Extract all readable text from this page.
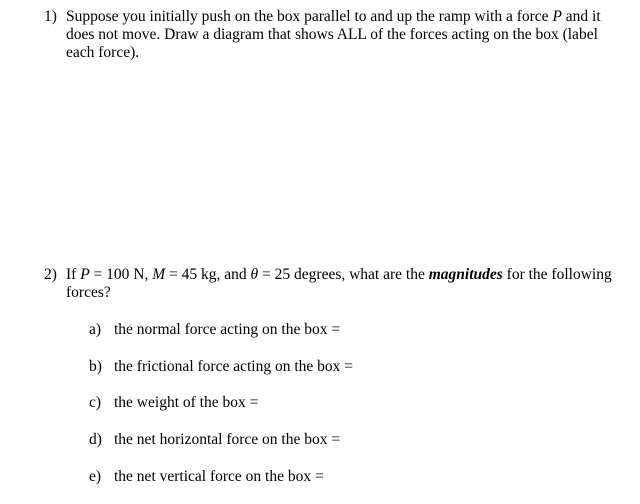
1) Suppose you initially push on the box parallel to and up the ramp with a force P and it does not move. Draw a diagram that shows ALL of the forces acting on the box (label each force).
2) If P = 100 N, M = 45 kg, and θ = 25 degrees, what are the magnitudes for the following forces?
a) the normal force acting on the box =
b) the frictional force acting on the box =
c) the weight of the box =
d) the net horizontal force on the box =
e) the net vertical force on the box =
